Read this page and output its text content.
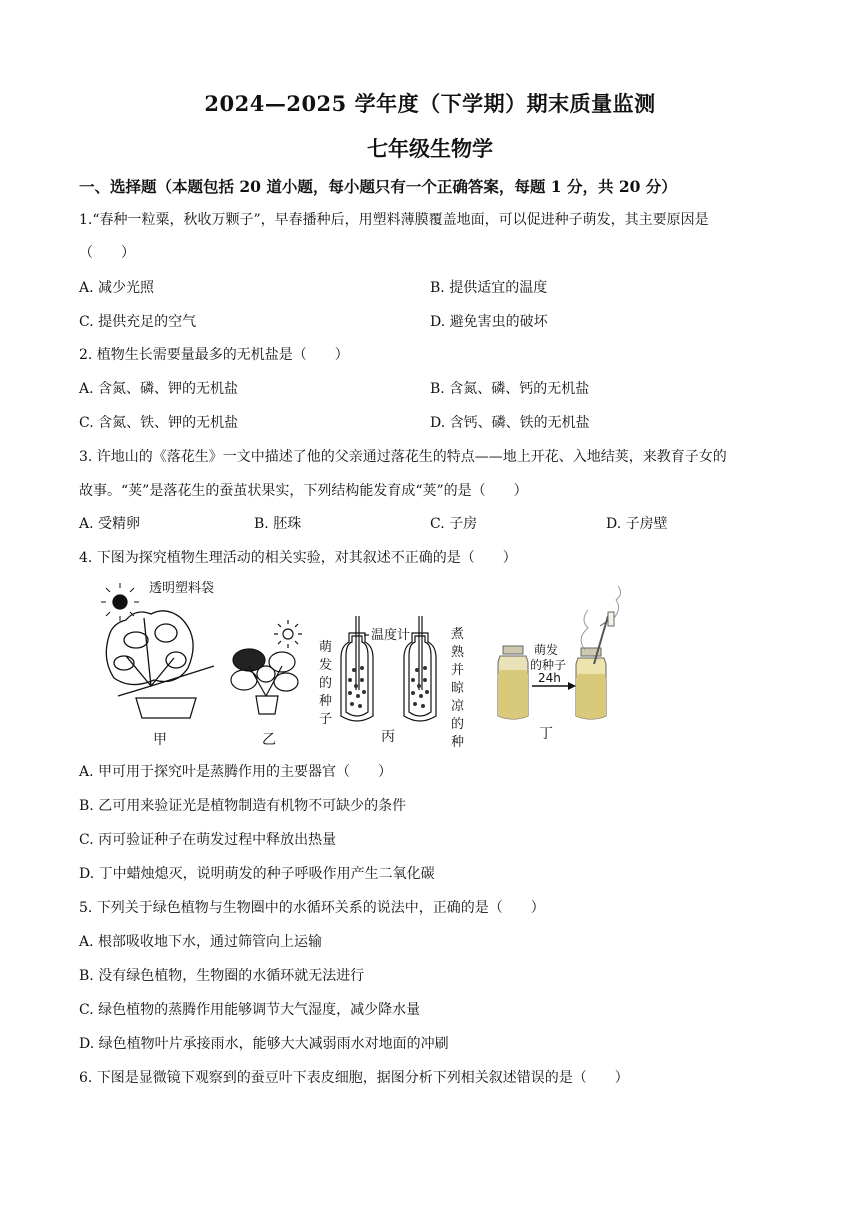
2024—2025 学年度（下学期）期末质量监测
七年级生物学
一、选择题（本题包括 20 道小题，每小题只有一个正确答案，每题 1 分，共 20 分）
1.“春种一粒粟，秋收万颗子”，早春播种后，用塑料薄膜覆盖地面，可以促进种子萌发，其主要原因是
（　　）
A. 减少光照	B. 提供适宜的温度
C. 提供充足的空气	D. 避免害虫的破坏
2. 植物生长需要量最多的无机盐是（　　）
A. 含氮、磷、钾的无机盐	B. 含氮、磷、钙的无机盐
C. 含氮、铁、钾的无机盐	D. 含钙、磷、铁的无机盐
3. 许地山的《落花生》一文中描述了他的父亲通过落花生的特点——地上开花、入地结荚，来教育子女的
故事。“荚”是落花生的蚕茧状果实，下列结构能发育成“荚”的是（　　）
A. 受精卵	B. 胚珠	C. 子房	D. 子房壁
4. 下图为探究植物生理活动的相关实验，对其叙述不正确的是（　　）
透明塑料袋
温度计
萌
发
的
种
子
煮
熟
并
晾
凉
的
种
萌发
的种子
24h
甲	乙	丙	丁
A. 甲可用于探究叶是蒸腾作用的主要器官（　　）
B. 乙可用来验证光是植物制造有机物不可缺少的条件
C. 丙可验证种子在萌发过程中释放出热量
D. 丁中蜡烛熄灭，说明萌发的种子呼吸作用产生二氧化碳
5. 下列关于绿色植物与生物圈中的水循环关系的说法中，正确的是（　　）
A. 根部吸收地下水，通过筛管向上运输
B. 没有绿色植物，生物圈的水循环就无法进行
C. 绿色植物的蒸腾作用能够调节大气湿度，减少降水量
D. 绿色植物叶片承接雨水，能够大大减弱雨水对地面的冲刷
6. 下图是显微镜下观察到的蚕豆叶下表皮细胞，据图分析下列相关叙述错误的是（　　）
